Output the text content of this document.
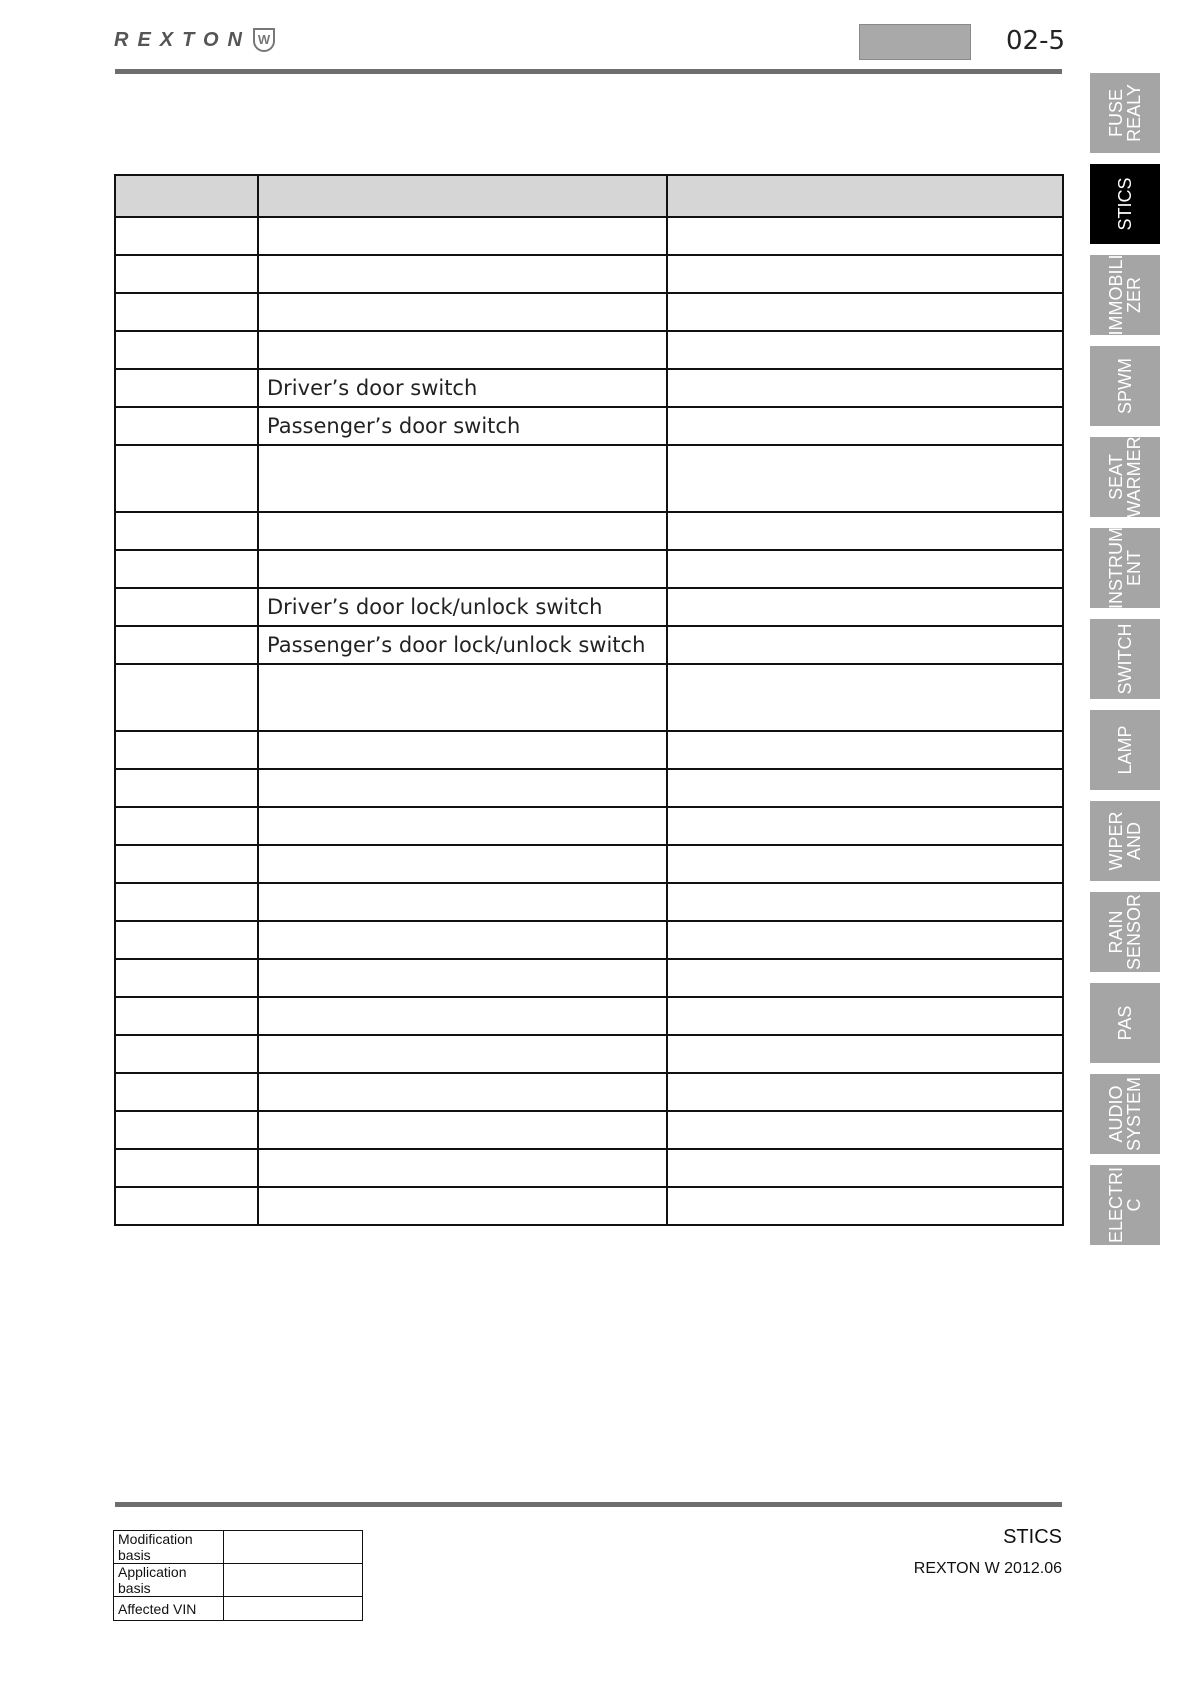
REXTON W	02-5

	Driver’s door switch	
	Passenger’s door switch	

	Driver’s door lock/unlock switch	
	Passenger’s door lock/unlock switch	

FUSE
REALY
STICS
IMMOBILI
ZER
SPWM
SEAT
WARMER
INSTRUM
ENT
SWITCH
LAMP
WIPER
AND
RAIN
SENSOR
PAS
AUDIO
SYSTEM
ELECTRI
C
Modification basis	
Application basis	
Affected VIN	
STICS
REXTON W 2012.06
